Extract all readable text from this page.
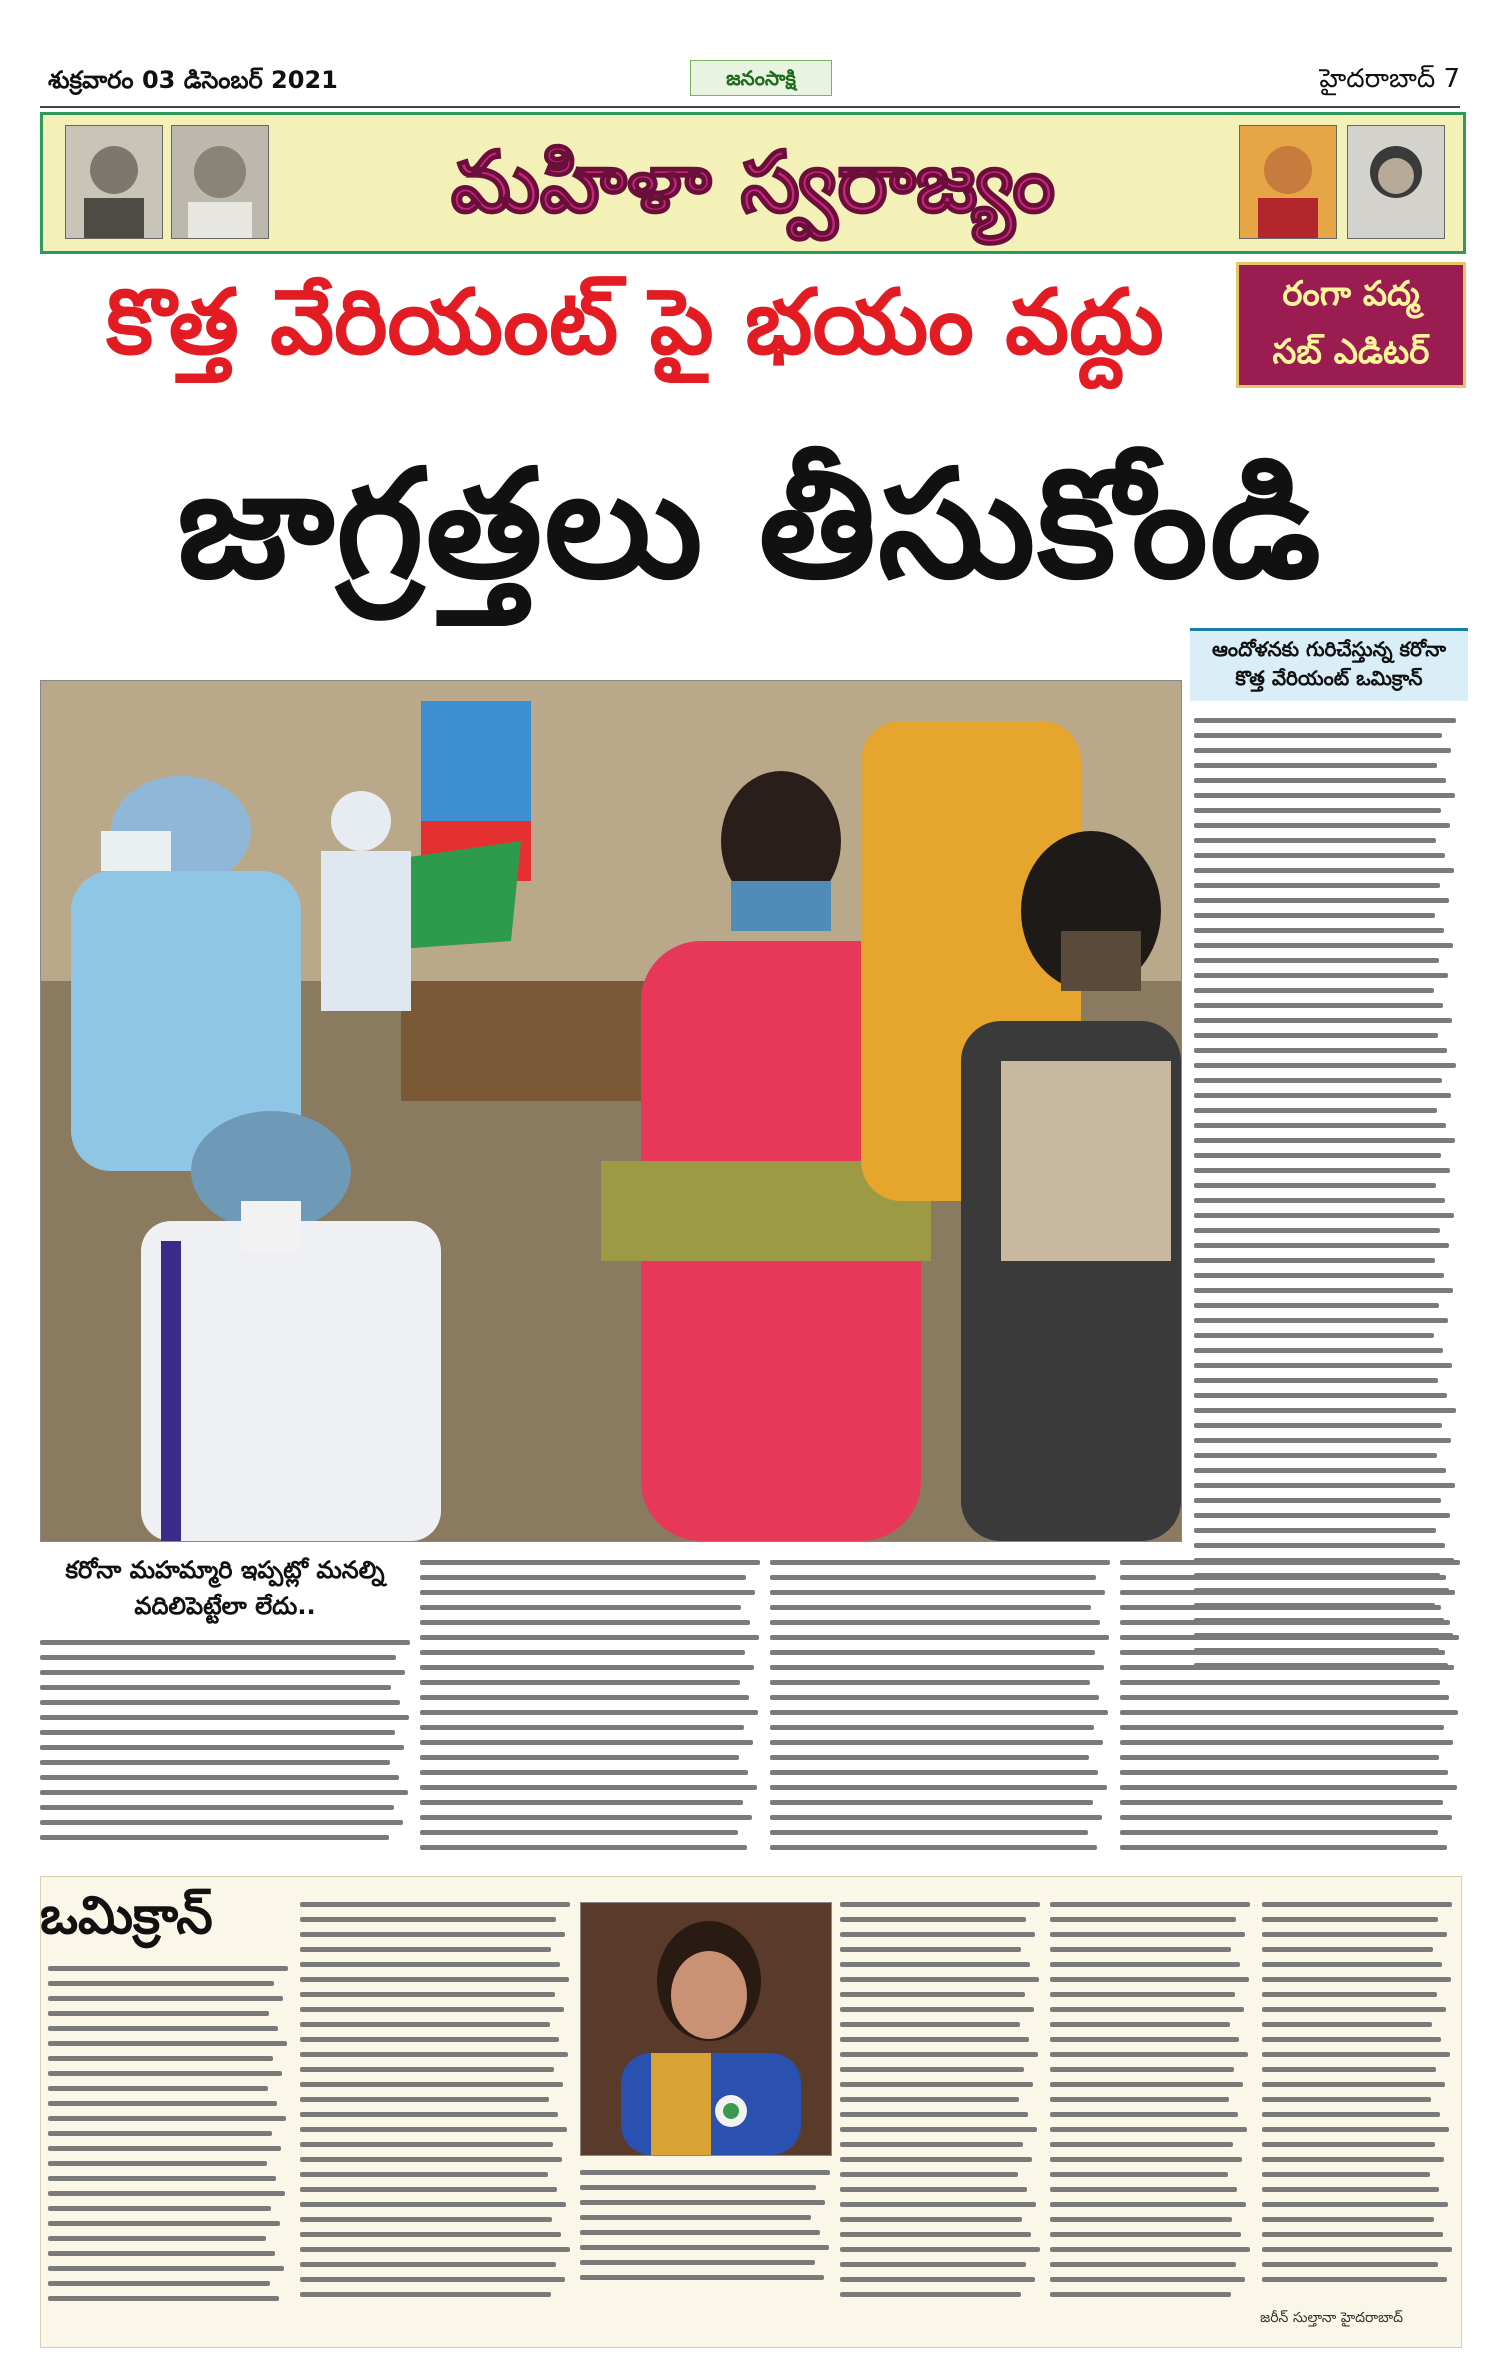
శుక్రవారం 03 డిసెంబర్ 2021	జనంసాక్షి	హైదరాబాద్ 7
మహిళా స్వరాజ్యం
కొత్త వేరియంట్ పై భయం వద్దు	రంగా పద్మ
సబ్ ఎడిటర్
జాగ్రత్తలు తీసుకోండి
ఆందోళనకు గురిచేస్తున్న కరోనా కొత్త వేరియంట్ ఒమిక్రాన్
కరోనా మహమ్మారి ఇప్పట్లో మనల్ని వదిలిపెట్టేలా లేదు..
ఒమిక్రాన్
జరీన్ సుల్తానా హైదరాబాద్
